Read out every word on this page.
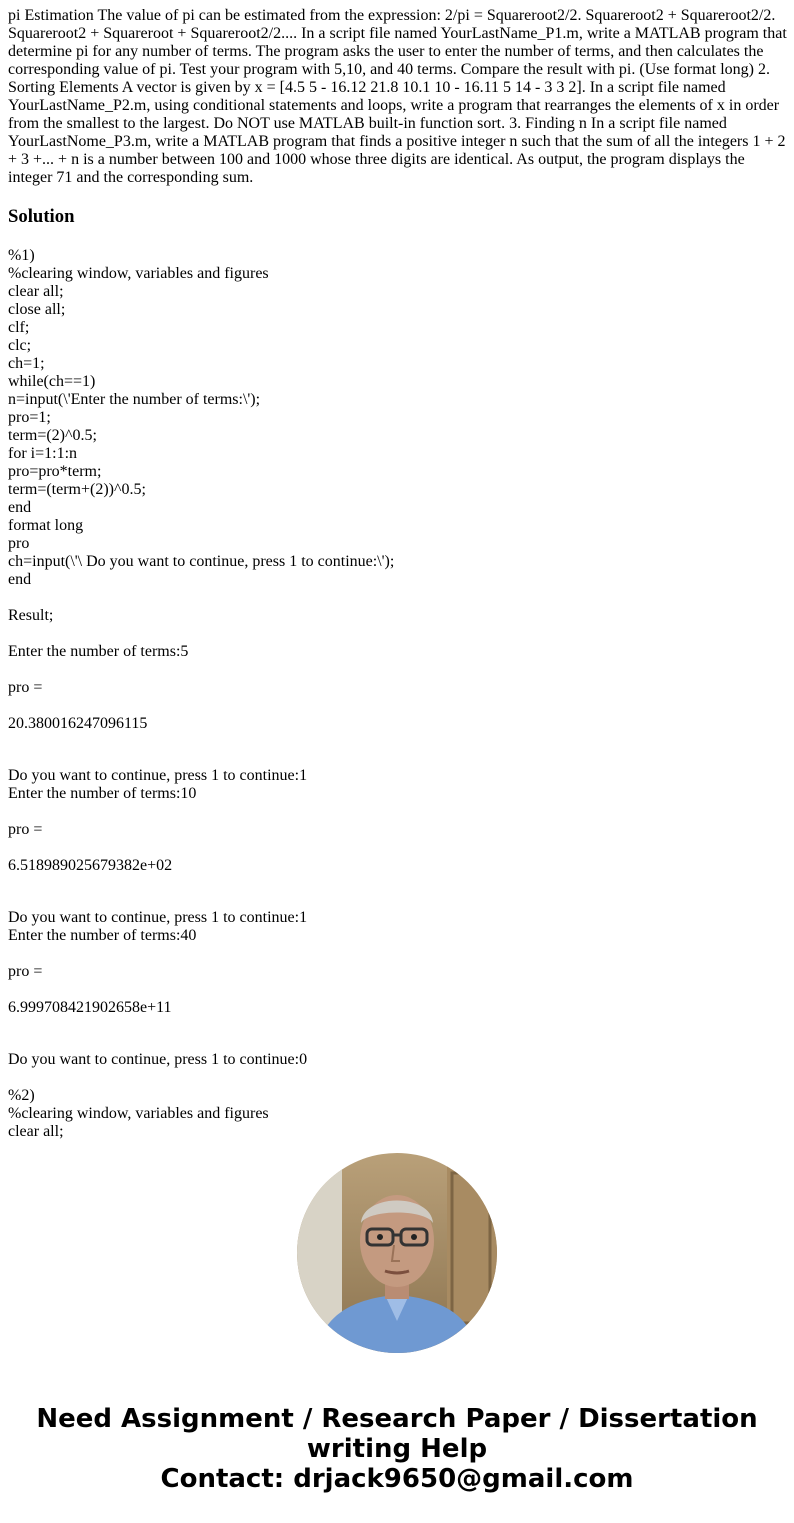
pi Estimation The value of pi can be estimated from the expression: 2/pi = Squareroot2/2. Squareroot2 + Squareroot2/2. Squareroot2 + Squareroot + Squareroot2/2.... In a script file named YourLastName_P1.m, write a MATLAB program that determine pi for any number of terms. The program asks the user to enter the number of terms, and then calculates the corresponding value of pi. Test your program with 5,10, and 40 terms. Compare the result with pi. (Use format long) 2. Sorting Elements A vector is given by x = [4.5 5 - 16.12 21.8 10.1 10 - 16.11 5 14 - 3 3 2]. In a script file named YourLastName_P2.m, using conditional statements and loops, write a program that rearranges the elements of x in order from the smallest to the largest. Do NOT use MATLAB built-in function sort. 3. Finding n In a script file named YourLastNome_P3.m, write a MATLAB program that finds a positive integer n such that the sum of all the integers 1 + 2 + 3 +... + n is a number between 100 and 1000 whose three digits are identical. As output, the program displays the integer 71 and the corresponding sum.

Solution
%1)
%clearing window, variables and figures
clear all;
close all;
clf;
clc;
ch=1;
while(ch==1)
n=input(\'Enter the number of terms:\');
pro=1;
term=(2)^0.5;
for i=1:1:n
pro=pro*term;
term=(term+(2))^0.5;
end
format long
pro
ch=input(\'\ Do you want to continue, press 1 to continue:\');
end
Result;
Enter the number of terms:5
pro =
20.380016247096115
Do you want to continue, press 1 to continue:1
Enter the number of terms:10
pro =
6.518989025679382e+02
Do you want to continue, press 1 to continue:1
Enter the number of terms:40
pro =
6.999708421902658e+11
Do you want to continue, press 1 to continue:0
%2)
%clearing window, variables and figures
clear all;
Need Assignment / Research Paper / Dissertation
writing Help
Contact: drjack9650@gmail.com
